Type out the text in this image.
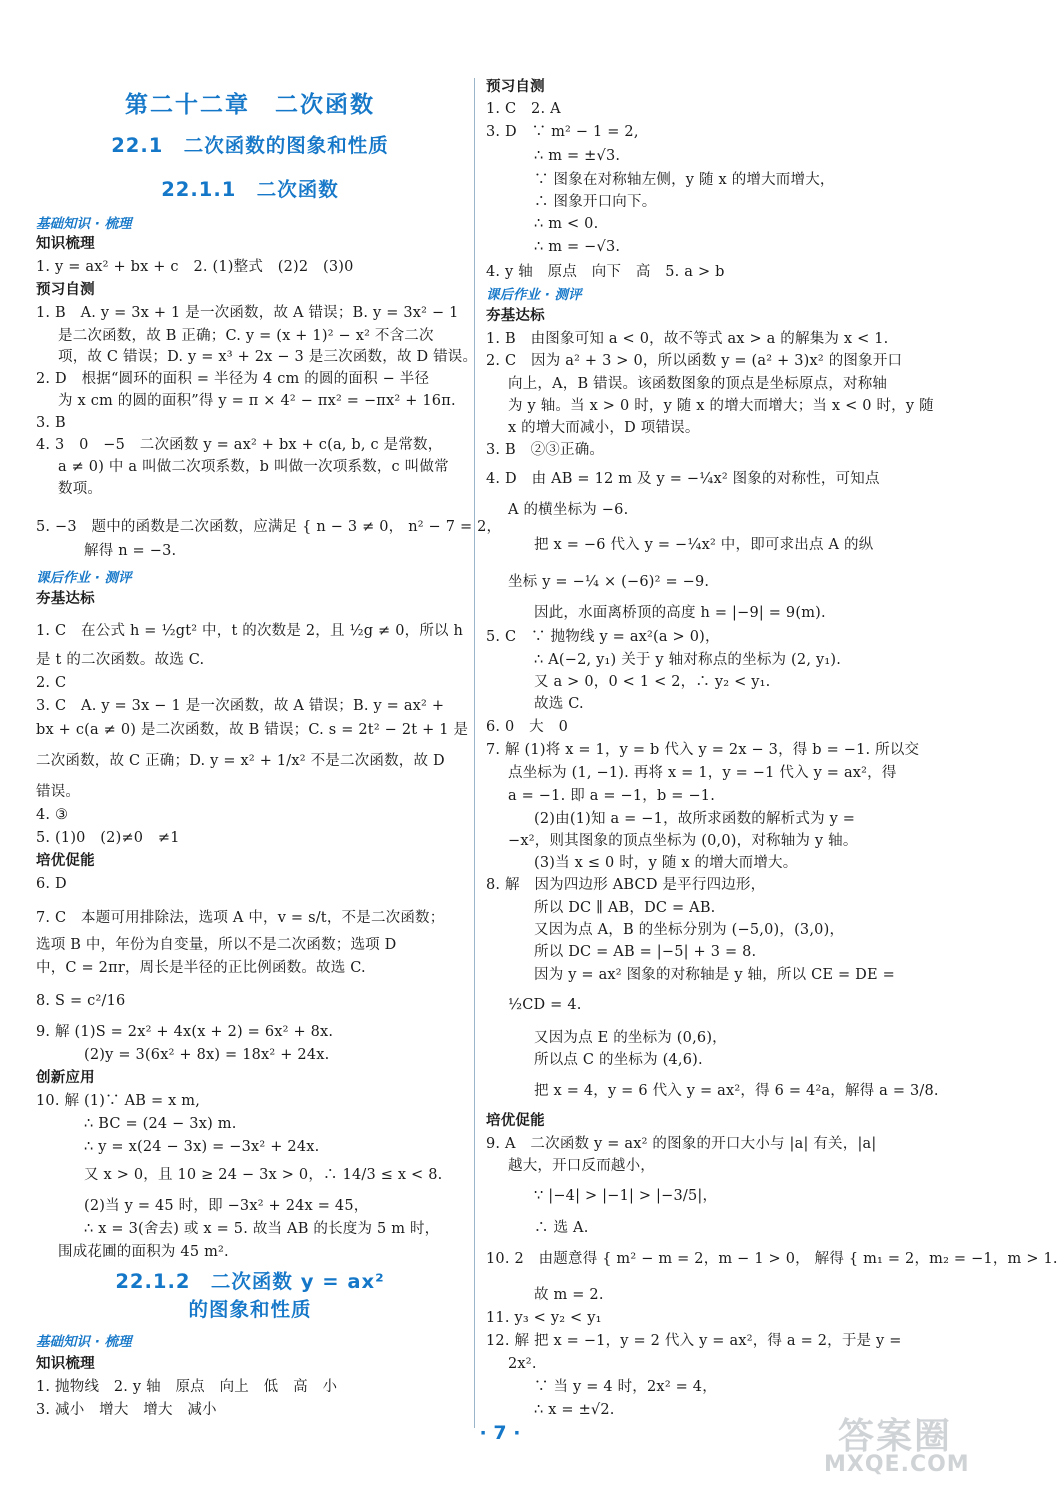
第二十二章　二次函数
22.1　二次函数的图象和性质
22.1.1　二次函数
基础知识 · 梳理
知识梳理
1. y = ax² + bx + c　2. (1)整式　(2)2　(3)0
预习自测
1. B　A. y = 3x + 1 是一次函数，故 A 错误；B. y = 3x² − 1
是二次函数，故 B 正确；C. y = (x + 1)² − x² 不含二次
项，故 C 错误；D. y = x³ + 2x − 3 是三次函数，故 D 错误。
2. D　根据“圆环的面积 = 半径为 4 cm 的圆的面积 − 半径
为 x cm 的圆的面积”得 y = π × 4² − πx² = −πx² + 16π.
3. B
4. 3　0　−5　二次函数 y = ax² + bx + c(a, b, c 是常数，
a ≠ 0) 中 a 叫做二次项系数，b 叫做一次项系数，c 叫做常
数项。
5. −3　题中的函数是二次函数，应满足 { n − 3 ≠ 0， n² − 7 = 2，
解得 n = −3.
课后作业 · 测评
夯基达标
1. C　在公式 h = ½gt² 中，t 的次数是 2，且 ½g ≠ 0，所以 h
是 t 的二次函数。故选 C.
2. C
3. C　A. y = 3x − 1 是一次函数，故 A 错误；B. y = ax² +
bx + c(a ≠ 0) 是二次函数，故 B 错误；C. s = 2t² − 2t + 1 是
二次函数，故 C 正确；D. y = x² + 1/x² 不是二次函数，故 D
错误。
4. ③
5. (1)0　(2)≠0　≠1
培优促能
6. D
7. C　本题可用排除法，选项 A 中，v = s/t，不是二次函数；
选项 B 中，年份为自变量，所以不是二次函数；选项 D
中，C = 2πr，周长是半径的正比例函数。故选 C.
8. S = c²/16
9. 解 (1)S = 2x² + 4x(x + 2) = 6x² + 8x.
(2)y = 3(6x² + 8x) = 18x² + 24x.
创新应用
10. 解 (1)∵ AB = x m,
∴ BC = (24 − 3x) m.
∴ y = x(24 − 3x) = −3x² + 24x.
又 x > 0，且 10 ≥ 24 − 3x > 0，∴ 14/3 ≤ x < 8.
(2)当 y = 45 时，即 −3x² + 24x = 45，
∴ x = 3(舍去) 或 x = 5. 故当 AB 的长度为 5 m 时，
围成花圃的面积为 45 m².
22.1.2　二次函数 y = ax²
的图象和性质
基础知识 · 梳理
知识梳理
1. 抛物线　2. y 轴　原点　向上　低　高　小
3. 减小　增大　增大　减小
预习自测
1. C　2. A
3. D　∵ m² − 1 = 2,
∴ m = ±√3.
∵ 图象在对称轴左侧，y 随 x 的增大而增大，
∴ 图象开口向下。
∴ m < 0.
∴ m = −√3.
4. y 轴　原点　向下　高　5. a > b
课后作业 · 测评
夯基达标
1. B　由图象可知 a < 0，故不等式 ax > a 的解集为 x < 1.
2. C　因为 a² + 3 > 0，所以函数 y = (a² + 3)x² 的图象开口
向上，A，B 错误。该函数图象的顶点是坐标原点，对称轴
为 y 轴。当 x > 0 时，y 随 x 的增大而增大；当 x < 0 时，y 随
x 的增大而减小，D 项错误。
3. B　②③正确。
4. D　由 AB = 12 m 及 y = −¼x² 图象的对称性，可知点
A 的横坐标为 −6.
把 x = −6 代入 y = −¼x² 中，即可求出点 A 的纵
坐标 y = −¼ × (−6)² = −9.
因此，水面离桥顶的高度 h = |−9| = 9(m).
5. C　∵ 抛物线 y = ax²(a > 0)，
∴ A(−2, y₁) 关于 y 轴对称点的坐标为 (2, y₁).
又 a > 0，0 < 1 < 2，∴ y₂ < y₁.
故选 C.
6. 0　大　0
7. 解 (1)将 x = 1，y = b 代入 y = 2x − 3，得 b = −1. 所以交
点坐标为 (1, −1). 再将 x = 1，y = −1 代入 y = ax²，得
a = −1. 即 a = −1，b = −1.
(2)由(1)知 a = −1，故所求函数的解析式为 y =
−x²，则其图象的顶点坐标为 (0,0)，对称轴为 y 轴。
(3)当 x ≤ 0 时，y 随 x 的增大而增大。
8. 解　因为四边形 ABCD 是平行四边形，
所以 DC ∥ AB，DC = AB.
又因为点 A，B 的坐标分别为 (−5,0)，(3,0)，
所以 DC = AB = |−5| + 3 = 8.
因为 y = ax² 图象的对称轴是 y 轴，所以 CE = DE =
½CD = 4.
又因为点 E 的坐标为 (0,6)，
所以点 C 的坐标为 (4,6).
把 x = 4，y = 6 代入 y = ax²，得 6 = 4²a，解得 a = 3/8.
培优促能
9. A　二次函数 y = ax² 的图象的开口大小与 |a| 有关，|a|
越大，开口反而越小，
∵ |−4| > |−1| > |−3/5|，
∴ 选 A.
10. 2　由题意得 { m² − m = 2，m − 1 > 0， 解得 { m₁ = 2，m₂ = −1，m > 1.
故 m = 2.
11. y₃ < y₂ < y₁
12. 解 把 x = −1，y = 2 代入 y = ax²，得 a = 2，于是 y =
2x².
∵ 当 y = 4 时，2x² = 4，
∴ x = ±√2.
· 7 ·	答案圈
MXQE.COM
